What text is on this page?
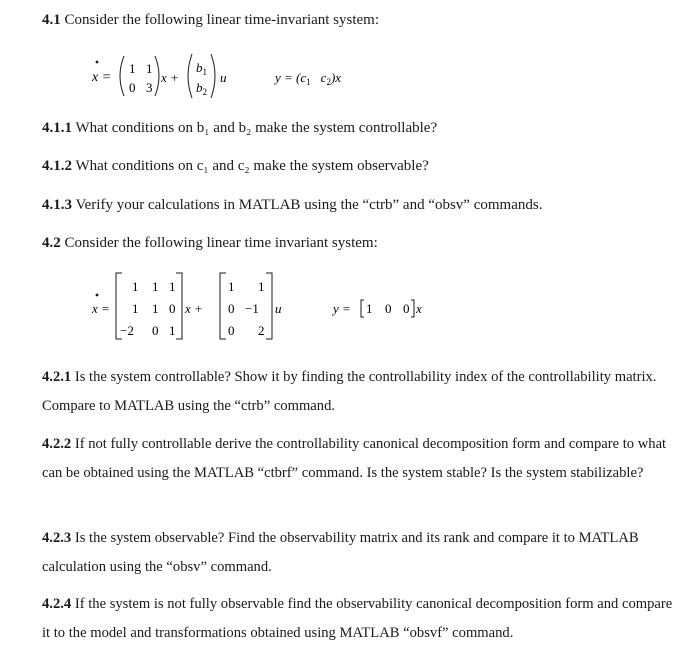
4.1 Consider the following linear time-invariant system:
x =
1 1
0 3
x +
$b_1$
$b_2$
u	$y = (c_1$ $c_2)x$
4.1.1 What conditions on b₁ and b₂ make the system controllable?
4.1.2 What conditions on c₁ and c₂ make the system observable?
4.1.3 Verify your calculations in MATLAB using the “ctrb” and “obsv” commands.
4.2 Consider the following linear time invariant system:
x =
1 1 1
1 1 0
−2 0 1
x +
1 1
0 −1
0 2
u	y = 1 0 0 x
4.2.1 Is the system controllable? Show it by finding the controllability index of the controllability matrix. Compare to MATLAB using the “ctrb” command.
4.2.2 If not fully controllable derive the controllability canonical decomposition form and compare to what can be obtained using the MATLAB “ctbrf” command. Is the system stable? Is the system stabilizable?
4.2.3 Is the system observable? Find the observability matrix and its rank and compare it to MATLAB calculation using the “obsv” command.
4.2.4 If the system is not fully observable find the observability canonical decomposition form and compare it to the model and transformations obtained using MATLAB “obsvf” command.
